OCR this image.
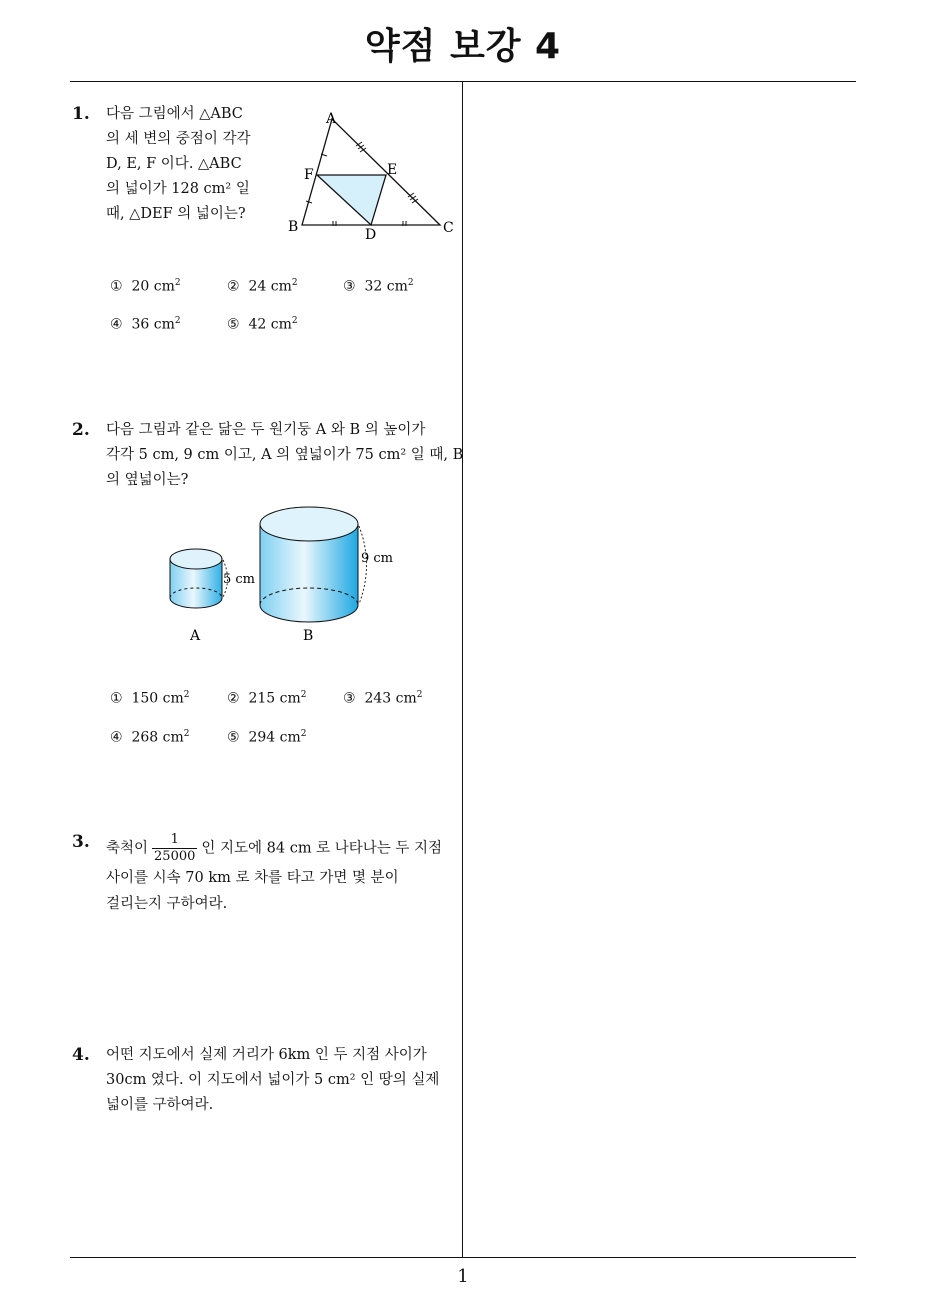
약점 보강 4
1
1. 다음 그림에서 △ABC
의 세 변의 중점이 각각
D, E, F 이다. △ABC
의 넓이가 128 cm² 일
때, △DEF 의 넓이는?
A
B	C
D
E
F
① 20 $cm^2$	② 24 $cm^2$	③ 32 $cm^2$
④ 36 $cm^2$	⑤ 42 $cm^2$
2. 다음 그림과 같은 닮은 두 원기둥 A 와 B 의 높이가
각각 5 cm, 9 cm 이고, A 의 옆넓이가 75 cm² 일 때, B
의 옆넓이는?
5 cm
9 cm
A	B
① 150 $cm^2$	② 215 $cm^2$	③ 243 $cm^2$
④ 268 $cm^2$	⑤ 294 $cm^2$
3. 축척이 $\frac{1}{25000}$ 인 지도에 84 cm 로 나타나는 두 지점
사이를 시속 70 km 로 차를 타고 가면 몇 분이
걸리는지 구하여라.
4. 어떤 지도에서 실제 거리가 6km 인 두 지점 사이가
30cm 였다. 이 지도에서 넓이가 5 cm² 인 땅의 실제
넓이를 구하여라.
